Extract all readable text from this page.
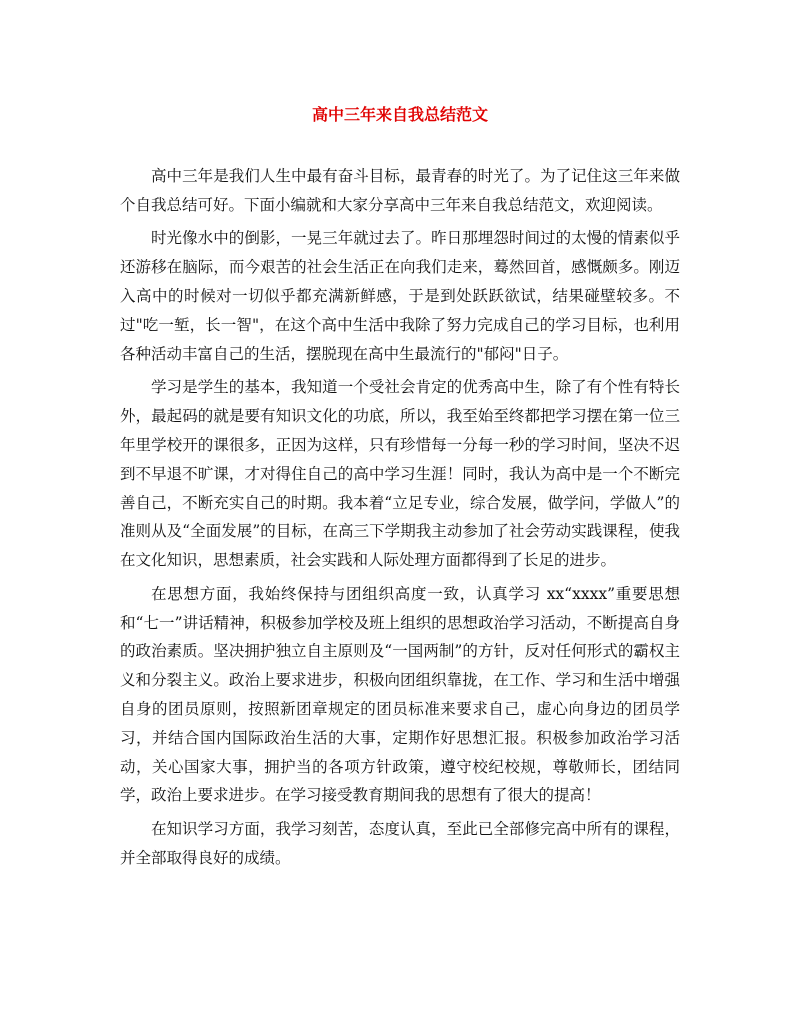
高中三年来自我总结范文

高中三年是我们人生中最有奋斗目标，最青春的时光了。为了记住这三年来做个自我总结可好。下面小编就和大家分享高中三年来自我总结范文，欢迎阅读。

时光像水中的倒影，一晃三年就过去了。昨日那埋怨时间过的太慢的情素似乎还游移在脑际，而今艰苦的社会生活正在向我们走来，蓦然回首，感慨颇多。刚迈入高中的时候对一切似乎都充满新鲜感，于是到处跃跃欲试，结果碰壁较多。不过"吃一堑，长一智"，在这个高中生活中我除了努力完成自己的学习目标，也利用各种活动丰富自己的生活，摆脱现在高中生最流行的"郁闷"日子。

学习是学生的基本，我知道一个受社会肯定的优秀高中生，除了有个性有特长外，最起码的就是要有知识文化的功底，所以，我至始至终都把学习摆在第一位三年里学校开的课很多，正因为这样，只有珍惜每一分每一秒的学习时间，坚决不迟到不早退不旷课，才对得住自己的高中学习生涯！同时，我认为高中是一个不断完善自己，不断充实自己的时期。我本着“立足专业，综合发展，做学问，学做人”的准则从及“全面发展”的目标，在高三下学期我主动参加了社会劳动实践课程，使我在文化知识，思想素质，社会实践和人际处理方面都得到了长足的进步。

在思想方面，我始终保持与团组织高度一致，认真学习 xx“xxxx”重要思想和“七一”讲话精神，积极参加学校及班上组织的思想政治学习活动，不断提高自身的政治素质。坚决拥护独立自主原则及“一国两制”的方针，反对任何形式的霸权主义和分裂主义。政治上要求进步，积极向团组织靠拢，在工作、学习和生活中增强自身的团员原则，按照新团章规定的团员标准来要求自己，虚心向身边的团员学习，并结合国内国际政治生活的大事，定期作好思想汇报。积极参加政治学习活动，关心国家大事，拥护当的各项方针政策，遵守校纪校规，尊敬师长，团结同学，政治上要求进步。在学习接受教育期间我的思想有了很大的提高！

在知识学习方面，我学习刻苦，态度认真，至此已全部修完高中所有的课程，并全部取得良好的成绩。
